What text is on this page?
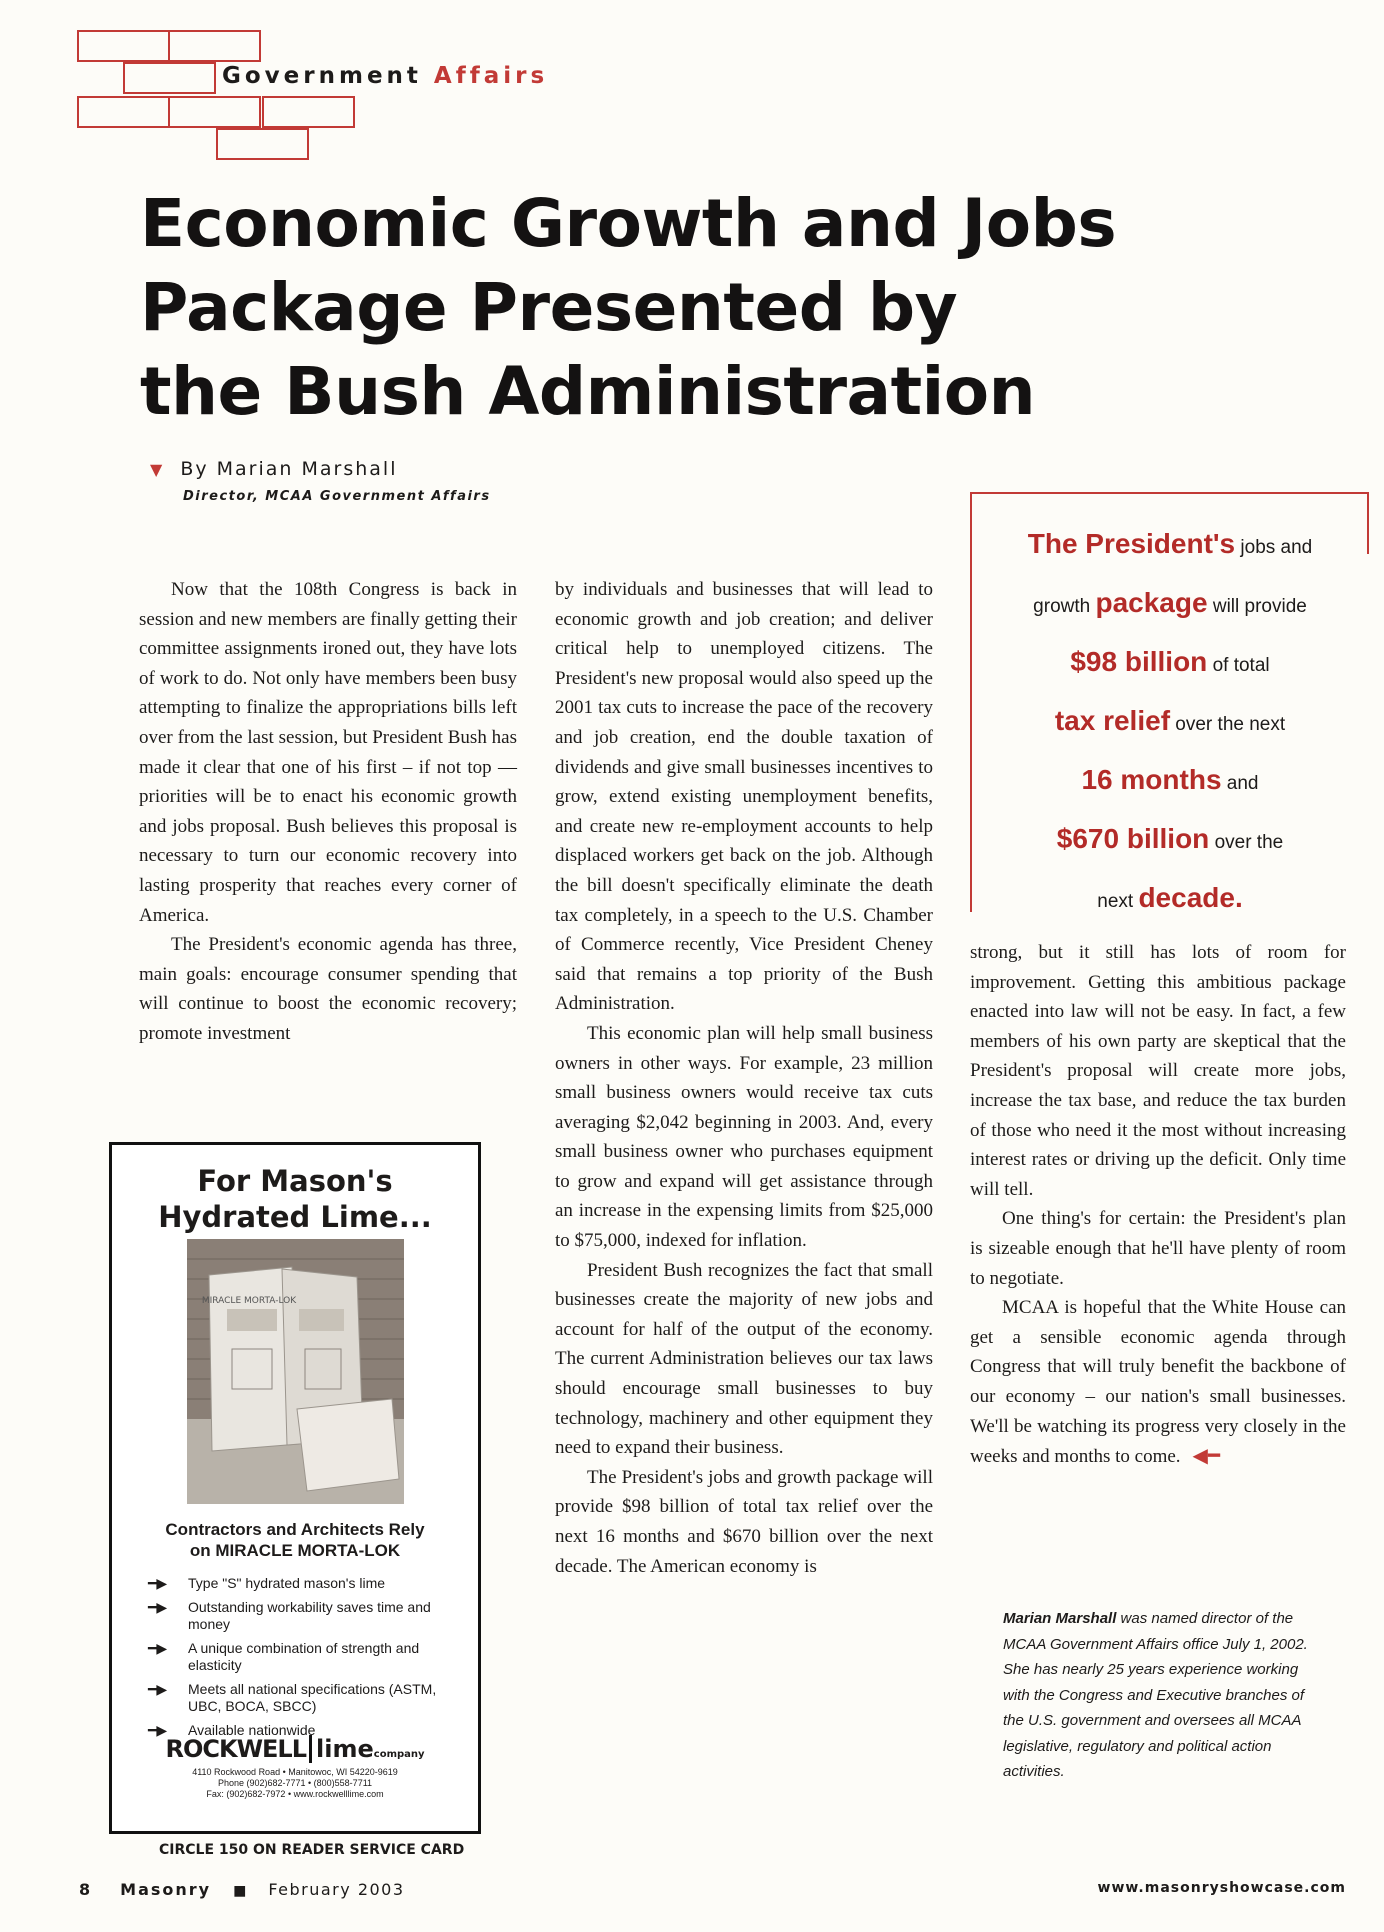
Government Affairs
Economic Growth and Jobs
Package Presented by
the Bush Administration
▼ By Marian Marshall
Director, MCAA Government Affairs

Now that the 108th Congress is back in session and new members are finally getting their committee assignments ironed out, they have lots of work to do. Not only have members been busy attempting to finalize the appropriations bills left over from the last session, but President Bush has made it clear that one of his first – if not top — priorities will be to enact his economic growth and jobs proposal. Bush believes this proposal is necessary to turn our economic recovery into lasting prosperity that reaches every corner of America.

The President's economic agenda has three, main goals: encourage consumer spending that will continue to boost the economic recovery; promote investment

by individuals and businesses that will lead to economic growth and job creation; and deliver critical help to unemployed citizens. The President's new proposal would also speed up the 2001 tax cuts to increase the pace of the recovery and job creation, end the double taxation of dividends and give small businesses incentives to grow, extend existing unemployment benefits, and create new re-employment accounts to help displaced workers get back on the job. Although the bill doesn't specifically eliminate the death tax completely, in a speech to the U.S. Chamber of Commerce recently, Vice President Cheney said that remains a top priority of the Bush Administration.

This economic plan will help small business owners in other ways. For example, 23 million small business owners would receive tax cuts averaging $2,042 beginning in 2003. And, every small business owner who purchases equipment to grow and expand will get assistance through an increase in the expensing limits from $25,000 to $75,000, indexed for inflation.

President Bush recognizes the fact that small businesses create the majority of new jobs and account for half of the output of the economy. The current Administration believes our tax laws should encourage small businesses to buy technology, machinery and other equipment they need to expand their business.

The President's jobs and growth package will provide $98 billion of total tax relief over the next 16 months and $670 billion over the next decade. The American economy is

The President's jobs and
growth package will provide
$98 billion of total
tax relief over the next
16 months and
$670 billion over the
next decade.

strong, but it still has lots of room for improvement. Getting this ambitious package enacted into law will not be easy. In fact, a few members of his own party are skeptical that the President's proposal will create more jobs, increase the tax base, and reduce the tax burden of those who need it the most without increasing interest rates or driving up the deficit. Only time will tell.

One thing's for certain: the President's plan is sizeable enough that he'll have plenty of room to negotiate.

MCAA is hopeful that the White House can get a sensible economic agenda through Congress that will truly benefit the backbone of our economy – our nation's small businesses. We'll be watching its progress very closely in the weeks and months to come. ◀━

Marian Marshall was named director of the MCAA Government Affairs office July 1, 2002. She has nearly 25 years experience working with the Congress and Executive branches of the U.S. government and oversees all MCAA legislative, regulatory and political action activities.
For Mason's
Hydrated Lime...
MIRACLE MORTA-LOK
Contractors and Architects Rely
on MIRACLE MORTA-LOK
━▶ Type "S" hydrated mason's lime
━▶ Outstanding workability saves time and money
━▶ A unique combination of strength and elasticity
━▶ Meets all national specifications (ASTM, UBC, BOCA, SBCC)
━▶ Available nationwide
ROCKWELL limecompany
4110 Rockwood Road • Manitowoc, WI 54220-9619
Phone (902)682-7771 • (800)558-7711
Fax: (902)682-7972 • www.rockwelllime.com
CIRCLE 150 ON READER SERVICE CARD
8 Masonry ■ February 2003	www.masonryshowcase.com
